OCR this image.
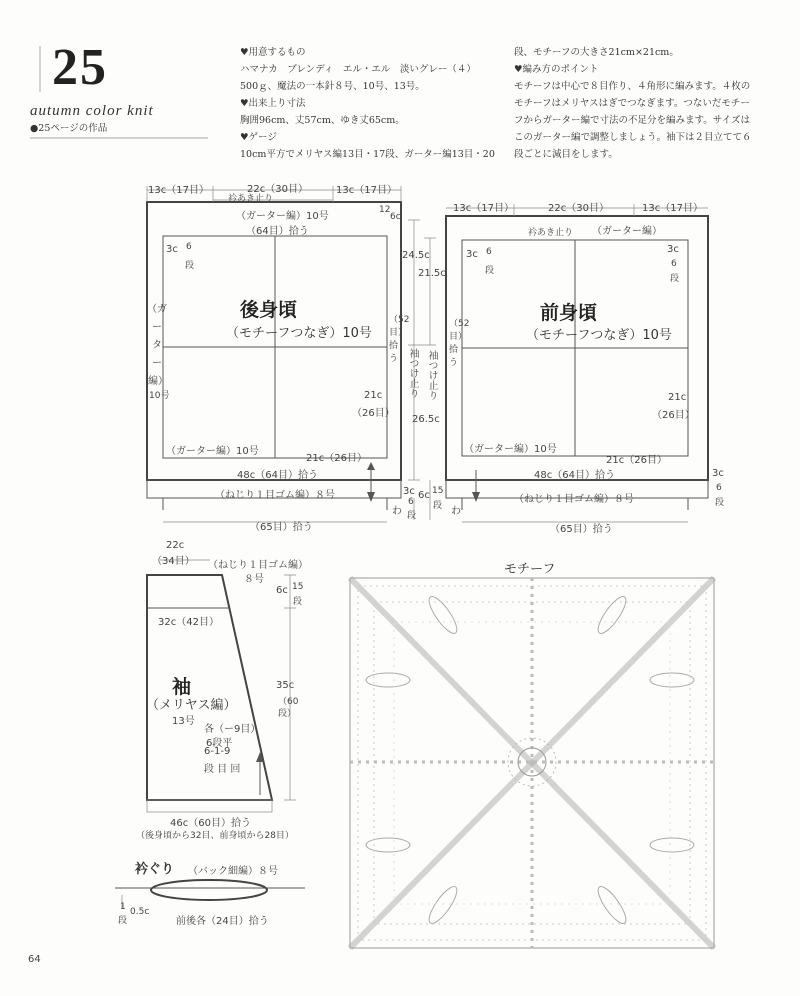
25
autumn color knit
●25ページの作品
♥用意するもの
ハマナカ　ブレンディ　エル・エル　淡いグレー（４）
500ｇ、魔法の一本針８号、10号、13号。
♥出来上り寸法
胸囲96cm、丈57cm、ゆき丈65cm。
♥ゲージ
10cm平方でメリヤス編13目・17段、ガーター編13目・20
段、モチーフの大きさ21cm×21cm。
♥編み方のポイント
モチーフは中心で８目作り、４角形に編みます。４枚の
モチーフはメリヤスはぎでつなぎます。つないだモチー
フからガーター編で寸法の不足分を編みます。サイズは
このガーター編で調整しましょう。袖下は２目立てて６
段ごとに減目をします。
13c（17目）	22c（30目）	13c（17目）
衿あき止り
（ガーター編）10号
（64目）拾う
3c 6
段
12
6c
（ガ
ー
タ
ー
編）
10号
後身頃
（モチーフつなぎ）10号
（52目）拾う
21c
（26目）
（ガーター編）10号
21c（26目）
48c（64目）拾う
（ねじり１目ゴム編）８号
（65目）拾う
わ
24.5c
21.5c
袖つけ止り 袖つけ止り
26.5c
3c
6
段
6c 15
段 わ
13c（17目）	22c（30目）	13c（17目）
衿あき止り （ガーター編）
3c 6
段
3c
6
段
前身頃
（モチーフつなぎ）10号
（52目）拾う
21c
（26目）
（ガーター編）10号
21c（26目）
48c（64目）拾う
（ねじり１目ゴム編）８号
（65目）拾う
3c
6
段
22c
（34目） （ねじり１目ゴム編）
８号
6c 15
段
32c（42目）
袖
（メリヤス編）
13号
35c
（60
段）
各（ー9目）
6段平
6-1-9
段 目 回
46c（60目）拾う
（後身頃から32目、前身頃から28目）
衿ぐり （バック細編）８号
1
段
0.5c
前後各（24目）拾う
モチーフ
64
